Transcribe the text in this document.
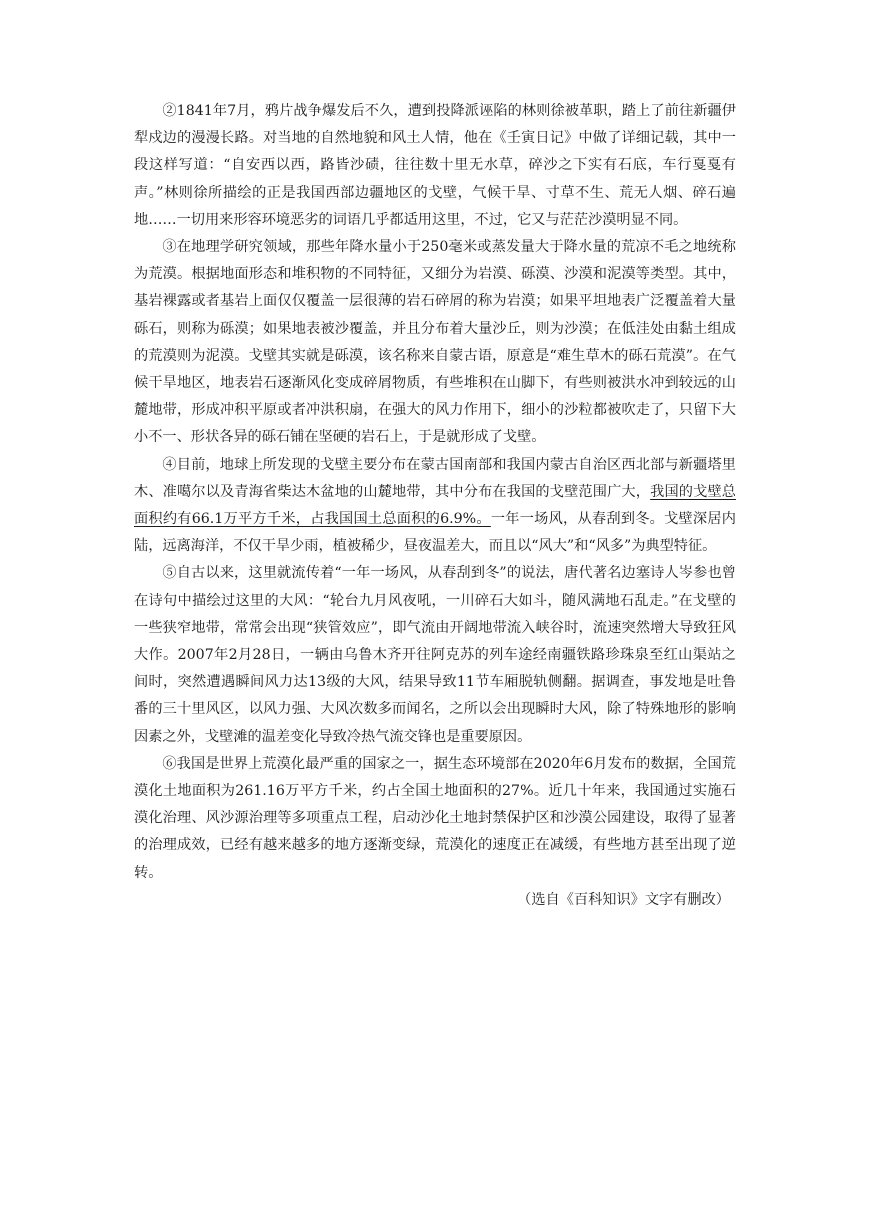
②1841年7月，鸦片战争爆发后不久，遭到投降派诬陷的林则徐被革职，踏上了前往新疆伊犁戍边的漫漫长路。对当地的自然地貌和风土人情，他在《壬寅日记》中做了详细记载，其中一段这样写道：“自安西以西，路皆沙碛，往往数十里无水草，碎沙之下实有石底，车行戛戛有声。”林则徐所描绘的正是我国西部边疆地区的戈壁，气候干旱、寸草不生、荒无人烟、碎石遍地……一切用来形容环境恶劣的词语几乎都适用这里，不过，它又与茫茫沙漠明显不同。

③在地理学研究领域，那些年降水量小于250毫米或蒸发量大于降水量的荒凉不毛之地统称为荒漠。根据地面形态和堆积物的不同特征，又细分为岩漠、砾漠、沙漠和泥漠等类型。其中，基岩裸露或者基岩上面仅仅覆盖一层很薄的岩石碎屑的称为岩漠；如果平坦地表广泛覆盖着大量砾石，则称为砾漠；如果地表被沙覆盖，并且分布着大量沙丘，则为沙漠；在低洼处由黏土组成的荒漠则为泥漠。戈壁其实就是砾漠，该名称来自蒙古语，原意是“难生草木的砾石荒漠”。在气候干旱地区，地表岩石逐渐风化变成碎屑物质，有些堆积在山脚下，有些则被洪水冲到较远的山麓地带，形成冲积平原或者冲洪积扇，在强大的风力作用下，细小的沙粒都被吹走了，只留下大小不一、形状各异的砾石铺在坚硬的岩石上，于是就形成了戈壁。

④目前，地球上所发现的戈壁主要分布在蒙古国南部和我国内蒙古自治区西北部与新疆塔里木、准噶尔以及青海省柴达木盆地的山麓地带，其中分布在我国的戈壁范围广大，我国的戈壁总面积约有66.1万平方千米，占我国国土总面积的6.9%。一年一场风，从春刮到冬。戈壁深居内陆，远离海洋，不仅干旱少雨，植被稀少，昼夜温差大，而且以“风大”和“风多”为典型特征。

⑤自古以来，这里就流传着“一年一场风，从春刮到冬”的说法，唐代著名边塞诗人岑参也曾在诗句中描绘过这里的大风：“轮台九月风夜吼，一川碎石大如斗，随风满地石乱走。”在戈壁的一些狭窄地带，常常会出现“狭管效应”，即气流由开阔地带流入峡谷时，流速突然增大导致狂风大作。2007年2月28日，一辆由乌鲁木齐开往阿克苏的列车途经南疆铁路珍珠泉至红山渠站之间时，突然遭遇瞬间风力达13级的大风，结果导致11节车厢脱轨侧翻。据调查，事发地是吐鲁番的三十里风区，以风力强、大风次数多而闻名，之所以会出现瞬时大风，除了特殊地形的影响因素之外，戈壁滩的温差变化导致冷热气流交锋也是重要原因。

⑥我国是世界上荒漠化最严重的国家之一，据生态环境部在2020年6月发布的数据，全国荒漠化土地面积为261.16万平方千米，约占全国土地面积的27%。近几十年来，我国通过实施石漠化治理、风沙源治理等多项重点工程，启动沙化土地封禁保护区和沙漠公园建设，取得了显著的治理成效，已经有越来越多的地方逐渐变绿，荒漠化的速度正在减缓，有些地方甚至出现了逆转。

（选自《百科知识》文字有删改）
